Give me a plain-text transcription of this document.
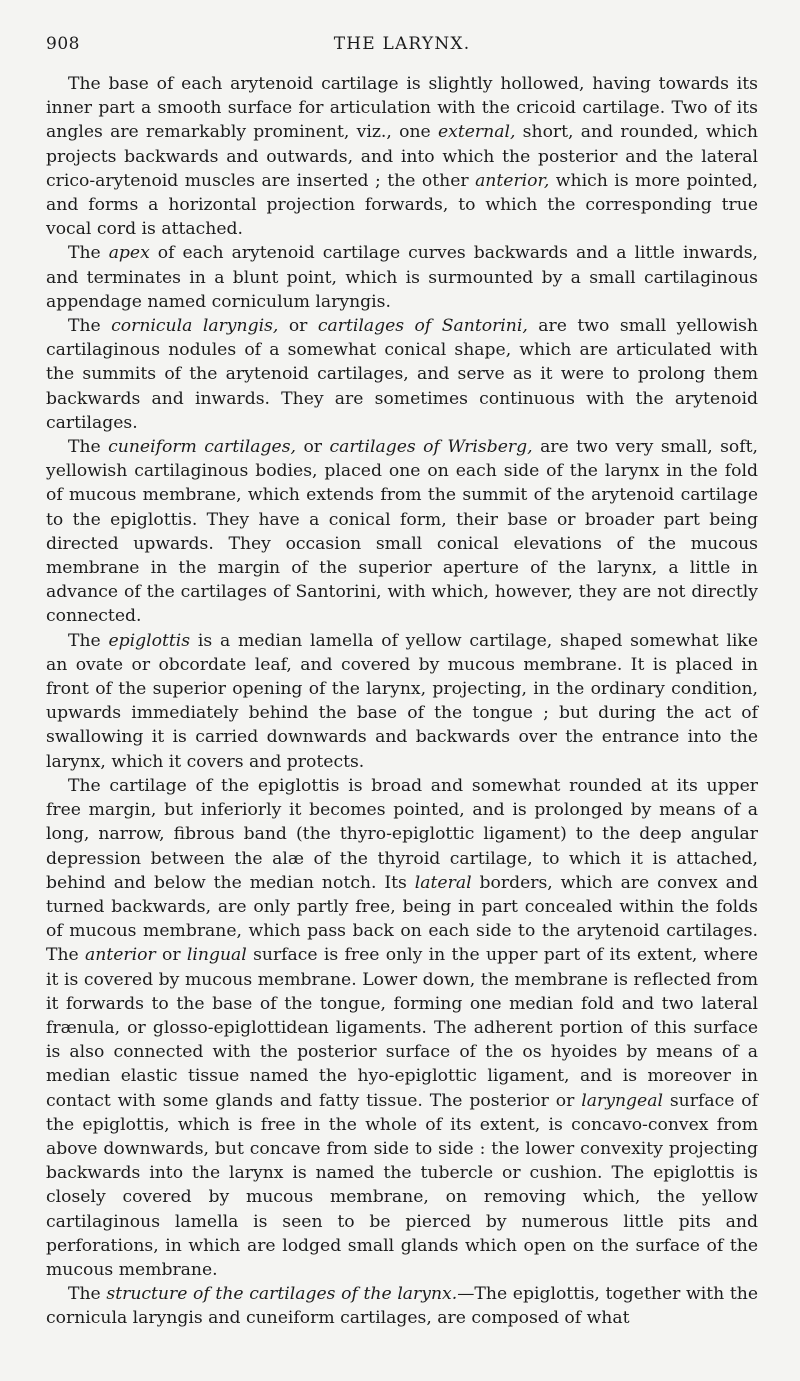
908	THE LARYNX.

The base of each arytenoid cartilage is slightly hollowed, having towards its inner part a smooth surface for articulation with the cricoid cartilage. Two of its angles are remarkably prominent, viz., one external, short, and rounded, which projects backwards and outwards, and into which the posterior and the lateral crico-arytenoid muscles are inserted ; the other anterior, which is more pointed, and forms a horizontal projection forwards, to which the corresponding true vocal cord is attached.

The apex of each arytenoid cartilage curves backwards and a little inwards, and terminates in a blunt point, which is surmounted by a small cartilaginous appendage named corniculum laryngis.

The cornicula laryngis, or cartilages of Santorini, are two small yellowish cartilaginous nodules of a somewhat conical shape, which are articulated with the summits of the arytenoid cartilages, and serve as it were to prolong them backwards and inwards. They are sometimes continuous with the arytenoid cartilages.

The cuneiform cartilages, or cartilages of Wrisberg, are two very small, soft, yellowish cartilaginous bodies, placed one on each side of the larynx in the fold of mucous membrane, which extends from the summit of the arytenoid cartilage to the epiglottis. They have a conical form, their base or broader part being directed upwards. They occasion small conical elevations of the mucous membrane in the margin of the superior aperture of the larynx, a little in advance of the cartilages of Santorini, with which, however, they are not directly connected.

The epiglottis is a median lamella of yellow cartilage, shaped somewhat like an ovate or obcordate leaf, and covered by mucous membrane. It is placed in front of the superior opening of the larynx, projecting, in the ordinary condition, upwards immediately behind the base of the tongue ; but during the act of swallowing it is carried downwards and backwards over the entrance into the larynx, which it covers and protects.

The cartilage of the epiglottis is broad and somewhat rounded at its upper free margin, but inferiorly it becomes pointed, and is prolonged by means of a long, narrow, fibrous band (the thyro-epiglottic ligament) to the deep angular depression between the alæ of the thyroid cartilage, to which it is attached, behind and below the median notch. Its lateral borders, which are convex and turned backwards, are only partly free, being in part concealed within the folds of mucous membrane, which pass back on each side to the arytenoid cartilages. The anterior or lingual surface is free only in the upper part of its extent, where it is covered by mucous membrane. Lower down, the membrane is reflected from it forwards to the base of the tongue, forming one median fold and two lateral frænula, or glosso-epiglottidean ligaments. The adherent portion of this surface is also connected with the posterior surface of the os hyoides by means of a median elastic tissue named the hyo-epiglottic ligament, and is moreover in contact with some glands and fatty tissue. The posterior or laryngeal surface of the epiglottis, which is free in the whole of its extent, is concavo-convex from above downwards, but concave from side to side : the lower convexity projecting backwards into the larynx is named the tubercle or cushion. The epiglottis is closely covered by mucous membrane, on removing which, the yellow cartilaginous lamella is seen to be pierced by numerous little pits and perforations, in which are lodged small glands which open on the surface of the mucous membrane.

The structure of the cartilages of the larynx.—The epiglottis, together with the cornicula laryngis and cuneiform cartilages, are composed of what
